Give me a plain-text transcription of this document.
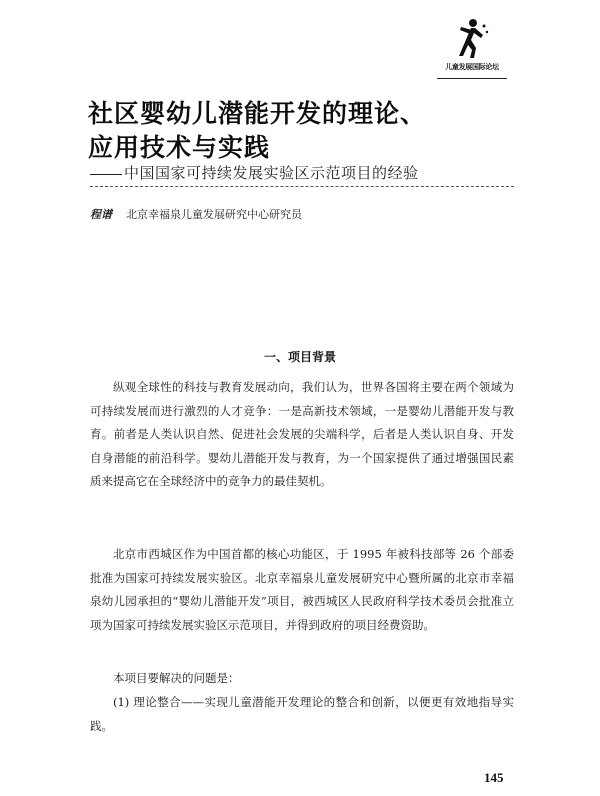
儿童发展国际论坛
社区婴幼儿潜能开发的理论、
应用技术与实践
中国国家可持续发展实验区示范项目的经验
程谱 北京幸福泉儿童发展研究中心研究员
一、项目背景

纵观全球性的科技与教育发展动向，我们认为，世界各国将主要在两个领域为可持续发展而进行激烈的人才竞争：一是高新技术领域，一是婴幼儿潜能开发与教育。前者是人类认识自然、促进社会发展的尖端科学，后者是人类认识自身、开发自身潜能的前沿科学。婴幼儿潜能开发与教育，为一个国家提供了通过增强国民素质来提高它在全球经济中的竞争力的最佳契机。

北京市西城区作为中国首都的核心功能区，于 1995 年被科技部等 26 个部委批准为国家可持续发展实验区。北京幸福泉儿童发展研究中心暨所属的北京市幸福泉幼儿园承担的“婴幼儿潜能开发”项目，被西城区人民政府科学技术委员会批准立项为国家可持续发展实验区示范项目，并得到政府的项目经费资助。

本项目要解决的问题是：

(1) 理论整合——实现儿童潜能开发理论的整合和创新，以便更有效地指导实践。

145
